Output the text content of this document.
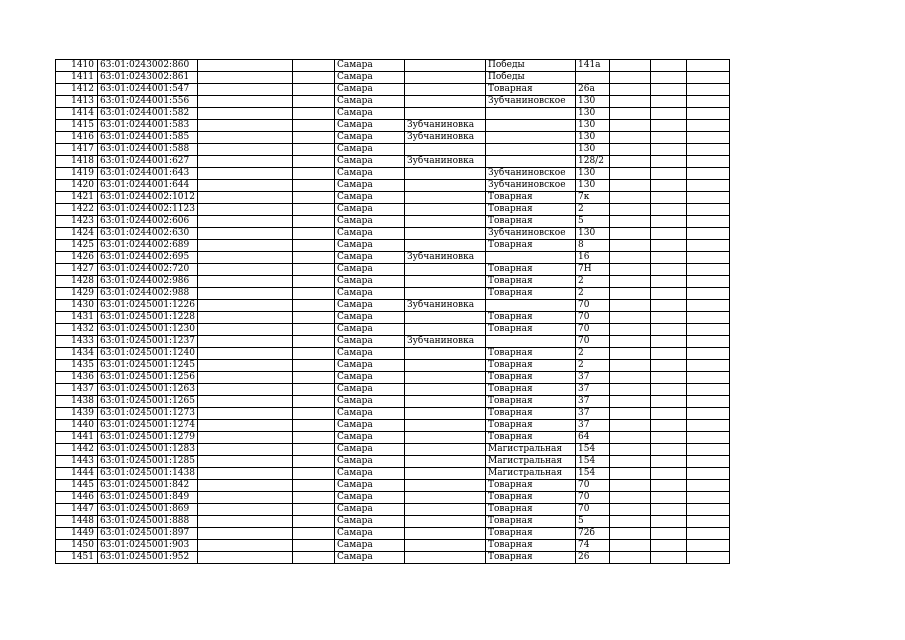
1410	63:01:0243002:860			Самара		Победы	141а			
1411	63:01:0243002:861			Самара		Победы				
1412	63:01:0244001:547			Самара		Товарная	26а			
1413	63:01:0244001:556			Самара		Зубчаниновское	130			
1414	63:01:0244001:582			Самара			130			
1415	63:01:0244001:583			Самара	Зубчаниновка		130			
1416	63:01:0244001:585			Самара	Зубчаниновка		130			
1417	63:01:0244001:588			Самара			130			
1418	63:01:0244001:627			Самара	Зубчаниновка		128/2			
1419	63:01:0244001:643			Самара		Зубчаниновское	130			
1420	63:01:0244001:644			Самара		Зубчаниновское	130			
1421	63:01:0244002:1012			Самара		Товарная	7к			
1422	63:01:0244002:1123			Самара		Товарная	2			
1423	63:01:0244002:606			Самара		Товарная	5			
1424	63:01:0244002:630			Самара		Зубчаниновское	130			
1425	63:01:0244002:689			Самара		Товарная	8			
1426	63:01:0244002:695			Самара	Зубчаниновка		16			
1427	63:01:0244002:720			Самара		Товарная	7Н			
1428	63:01:0244002:986			Самара		Товарная	2			
1429	63:01:0244002:988			Самара		Товарная	2			
1430	63:01:0245001:1226			Самара	Зубчаниновка		70			
1431	63:01:0245001:1228			Самара		Товарная	70			
1432	63:01:0245001:1230			Самара		Товарная	70			
1433	63:01:0245001:1237			Самара	Зубчаниновка		70			
1434	63:01:0245001:1240			Самара		Товарная	2			
1435	63:01:0245001:1245			Самара		Товарная	2			
1436	63:01:0245001:1256			Самара		Товарная	37			
1437	63:01:0245001:1263			Самара		Товарная	37			
1438	63:01:0245001:1265			Самара		Товарная	37			
1439	63:01:0245001:1273			Самара		Товарная	37			
1440	63:01:0245001:1274			Самара		Товарная	37			
1441	63:01:0245001:1279			Самара		Товарная	64			
1442	63:01:0245001:1283			Самара		Магистральная	154			
1443	63:01:0245001:1285			Самара		Магистральная	154			
1444	63:01:0245001:1438			Самара		Магистральная	154			
1445	63:01:0245001:842			Самара		Товарная	70			
1446	63:01:0245001:849			Самара		Товарная	70			
1447	63:01:0245001:869			Самара		Товарная	70			
1448	63:01:0245001:888			Самара		Товарная	5			
1449	63:01:0245001:897			Самара		Товарная	72б			
1450	63:01:0245001:903			Самара		Товарная	74			
1451	63:01:0245001:952			Самара		Товарная	26			
